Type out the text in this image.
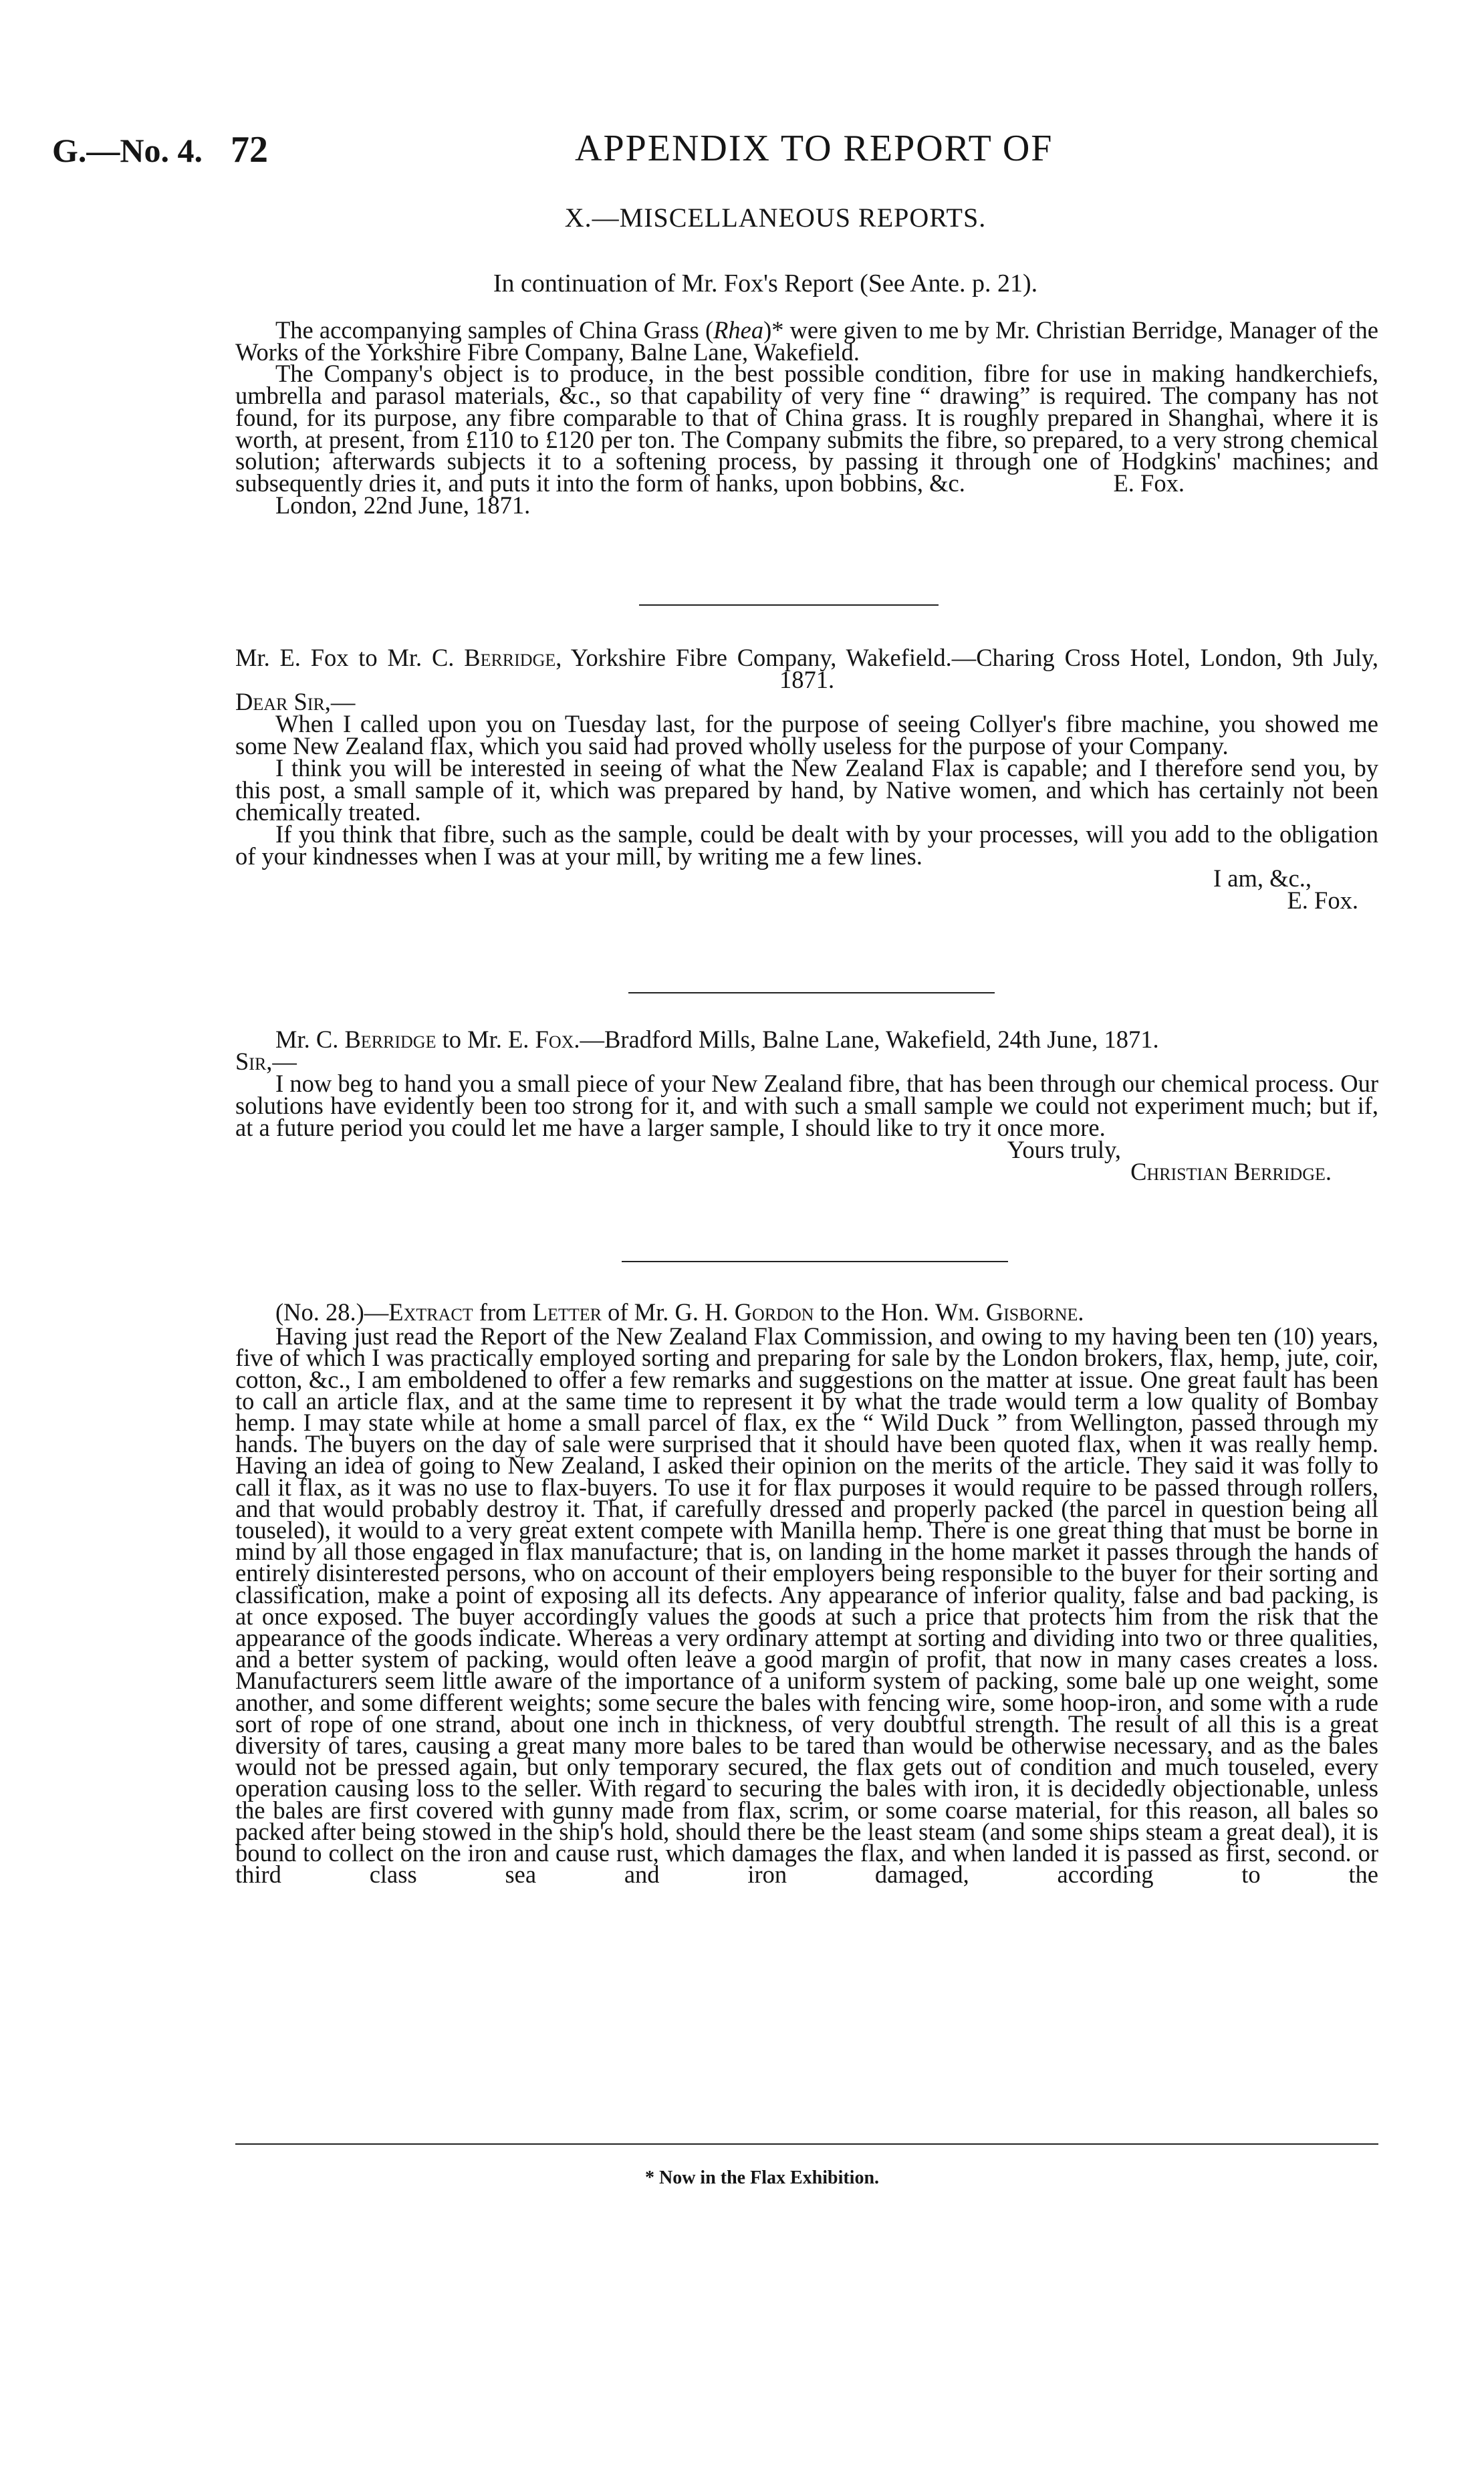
G.—No. 4. 72	APPENDIX TO REPORT OF
X.—MISCELLANEOUS REPORTS.
In continuation of Mr. Fox's Report (See Ante. p. 21).

The accompanying samples of China Grass (Rhea)* were given to me by Mr. Christian Berridge, Manager of the Works of the Yorkshire Fibre Company, Balne Lane, Wakefield.

The Company's object is to produce, in the best possible condition, fibre for use in making handkerchiefs, umbrella and parasol materials, &c., so that capability of very fine “ drawing” is required. The company has not found, for its purpose, any fibre comparable to that of China grass. It is roughly prepared in Shanghai, where it is worth, at present, from £110 to £120 per ton. The Company submits the fibre, so prepared, to a very strong chemical solution; afterwards subjects it to a softening process, by passing it through one of Hodgkins' machines; and subsequently dries it, and puts it into the form of hanks, upon bobbins, &c.	E. Fox.

London, 22nd June, 1871.

Mr. E. Fox to Mr. C. Berridge, Yorkshire Fibre Company, Wakefield.—Charing Cross Hotel, London, 9th July, 1871.

Dear Sir,—

When I called upon you on Tuesday last, for the purpose of seeing Collyer's fibre machine, you showed me some New Zealand flax, which you said had proved wholly useless for the purpose of your Company.

I think you will be interested in seeing of what the New Zealand Flax is capable; and I therefore send you, by this post, a small sample of it, which was prepared by hand, by Native women, and which has certainly not been chemically treated.

If you think that fibre, such as the sample, could be dealt with by your processes, will you add to the obligation of your kindnesses when I was at your mill, by writing me a few lines.

I am, &c.,
E. Fox.

Mr. C. Berridge to Mr. E. Fox.—Bradford Mills, Balne Lane, Wakefield, 24th June, 1871.

Sir,—

I now beg to hand you a small piece of your New Zealand fibre, that has been through our chemical process. Our solutions have evidently been too strong for it, and with such a small sample we could not experiment much; but if, at a future period you could let me have a larger sample, I should like to try it once more.

Yours truly,
Christian Berridge.

(No. 28.)—Extract from Letter of Mr. G. H. Gordon to the Hon. Wm. Gisborne.

Having just read the Report of the New Zealand Flax Commission, and owing to my having been ten (10) years, five of which I was practically employed sorting and preparing for sale by the London brokers, flax, hemp, jute, coir, cotton, &c., I am emboldened to offer a few remarks and suggestions on the matter at issue. One great fault has been to call an article flax, and at the same time to represent it by what the trade would term a low quality of Bombay hemp. I may state while at home a small parcel of flax, ex the “ Wild Duck ” from Wellington, passed through my hands. The buyers on the day of sale were surprised that it should have been quoted flax, when it was really hemp. Having an idea of going to New Zealand, I asked their opinion on the merits of the article. They said it was folly to call it flax, as it was no use to flax-buyers. To use it for flax purposes it would require to be passed through rollers, and that would probably destroy it. That, if carefully dressed and properly packed (the parcel in question being all touseled), it would to a very great extent compete with Manilla hemp. There is one great thing that must be borne in mind by all those engaged in flax manufacture; that is, on landing in the home market it passes through the hands of entirely disinterested persons, who on account of their employers being responsible to the buyer for their sorting and classification, make a point of exposing all its defects. Any appearance of inferior quality, false and bad packing, is at once exposed. The buyer accordingly values the goods at such a price that protects him from the risk that the appearance of the goods indicate. Whereas a very ordinary attempt at sorting and dividing into two or three qualities, and a better system of packing, would often leave a good margin of profit, that now in many cases creates a loss. Manufacturers seem little aware of the importance of a uniform system of packing, some bale up one weight, some another, and some different weights; some secure the bales with fencing wire, some hoop-iron, and some with a rude sort of rope of one strand, about one inch in thickness, of very doubtful strength. The result of all this is a great diversity of tares, causing a great many more bales to be tared than would be otherwise necessary, and as the bales would not be pressed again, but only temporary secured, the flax gets out of condition and much touseled, every operation causing loss to the seller. With regard to securing the bales with iron, it is decidedly objectionable, unless the bales are first covered with gunny made from flax, scrim, or some coarse material, for this reason, all bales so packed after being stowed in the ship's hold, should there be the least steam (and some ships steam a great deal), it is bound to collect on the iron and cause rust, which damages the flax, and when landed it is passed as first, second. or third class sea and iron damaged, according to the

* Now in the Flax Exhibition.
